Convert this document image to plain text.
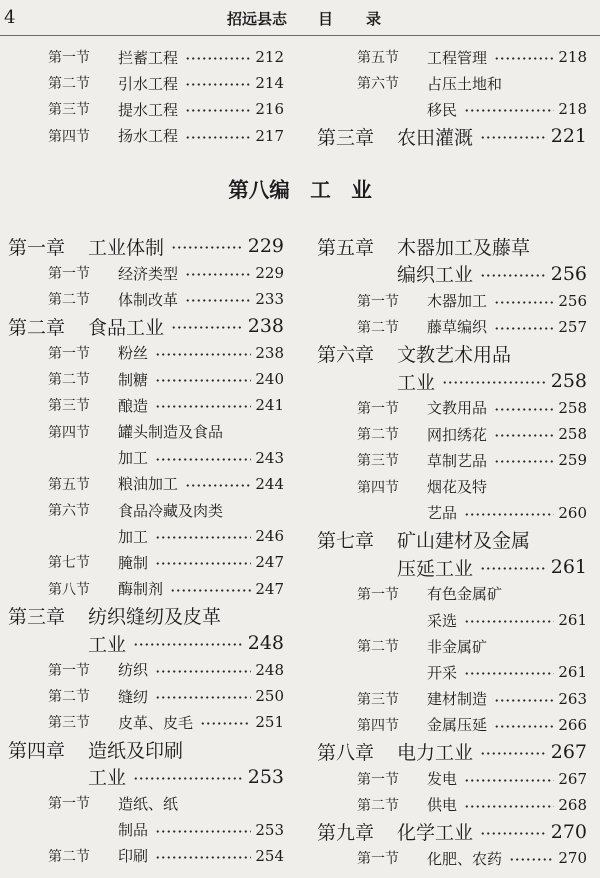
4	招远县志 目　录
第一节	拦蓄工程	212
第二节	引水工程	214
第三节	提水工程	216
第四节	扬水工程	217
第五节	工程管理	218
第六节	占压土地和
移民	218
第三章	农田灌溉	221
第八编　工　业
第一章	工业体制	229
第一节	经济类型	229
第二节	体制改革	233
第二章	食品工业	238
第一节	粉丝	238
第二节	制糖	240
第三节	酿造	241
第四节	罐头制造及食品
加工	243
第五节	粮油加工	244
第六节	食品冷藏及肉类
加工	246
第七节	腌制	247
第八节	酶制剂	247
第三章	纺织缝纫及皮革
工业	248
第一节	纺织	248
第二节	缝纫	250
第三节	皮革、皮毛	251
第四章	造纸及印刷
工业	253
第一节	造纸、纸
制品	253
第二节	印刷	254
第五章	木器加工及藤草
编织工业	256
第一节	木器加工	256
第二节	藤草编织	257
第六章	文教艺术用品
工业	258
第一节	文教用品	258
第二节	网扣绣花	258
第三节	草制艺品	259
第四节	烟花及特
艺品	260
第七章	矿山建材及金属
压延工业	261
第一节	有色金属矿
采选	261
第二节	非金属矿
开采	261
第三节	建材制造	263
第四节	金属压延	266
第八章	电力工业	267
第一节	发电	267
第二节	供电	268
第九章	化学工业	270
第一节	化肥、农药	270
